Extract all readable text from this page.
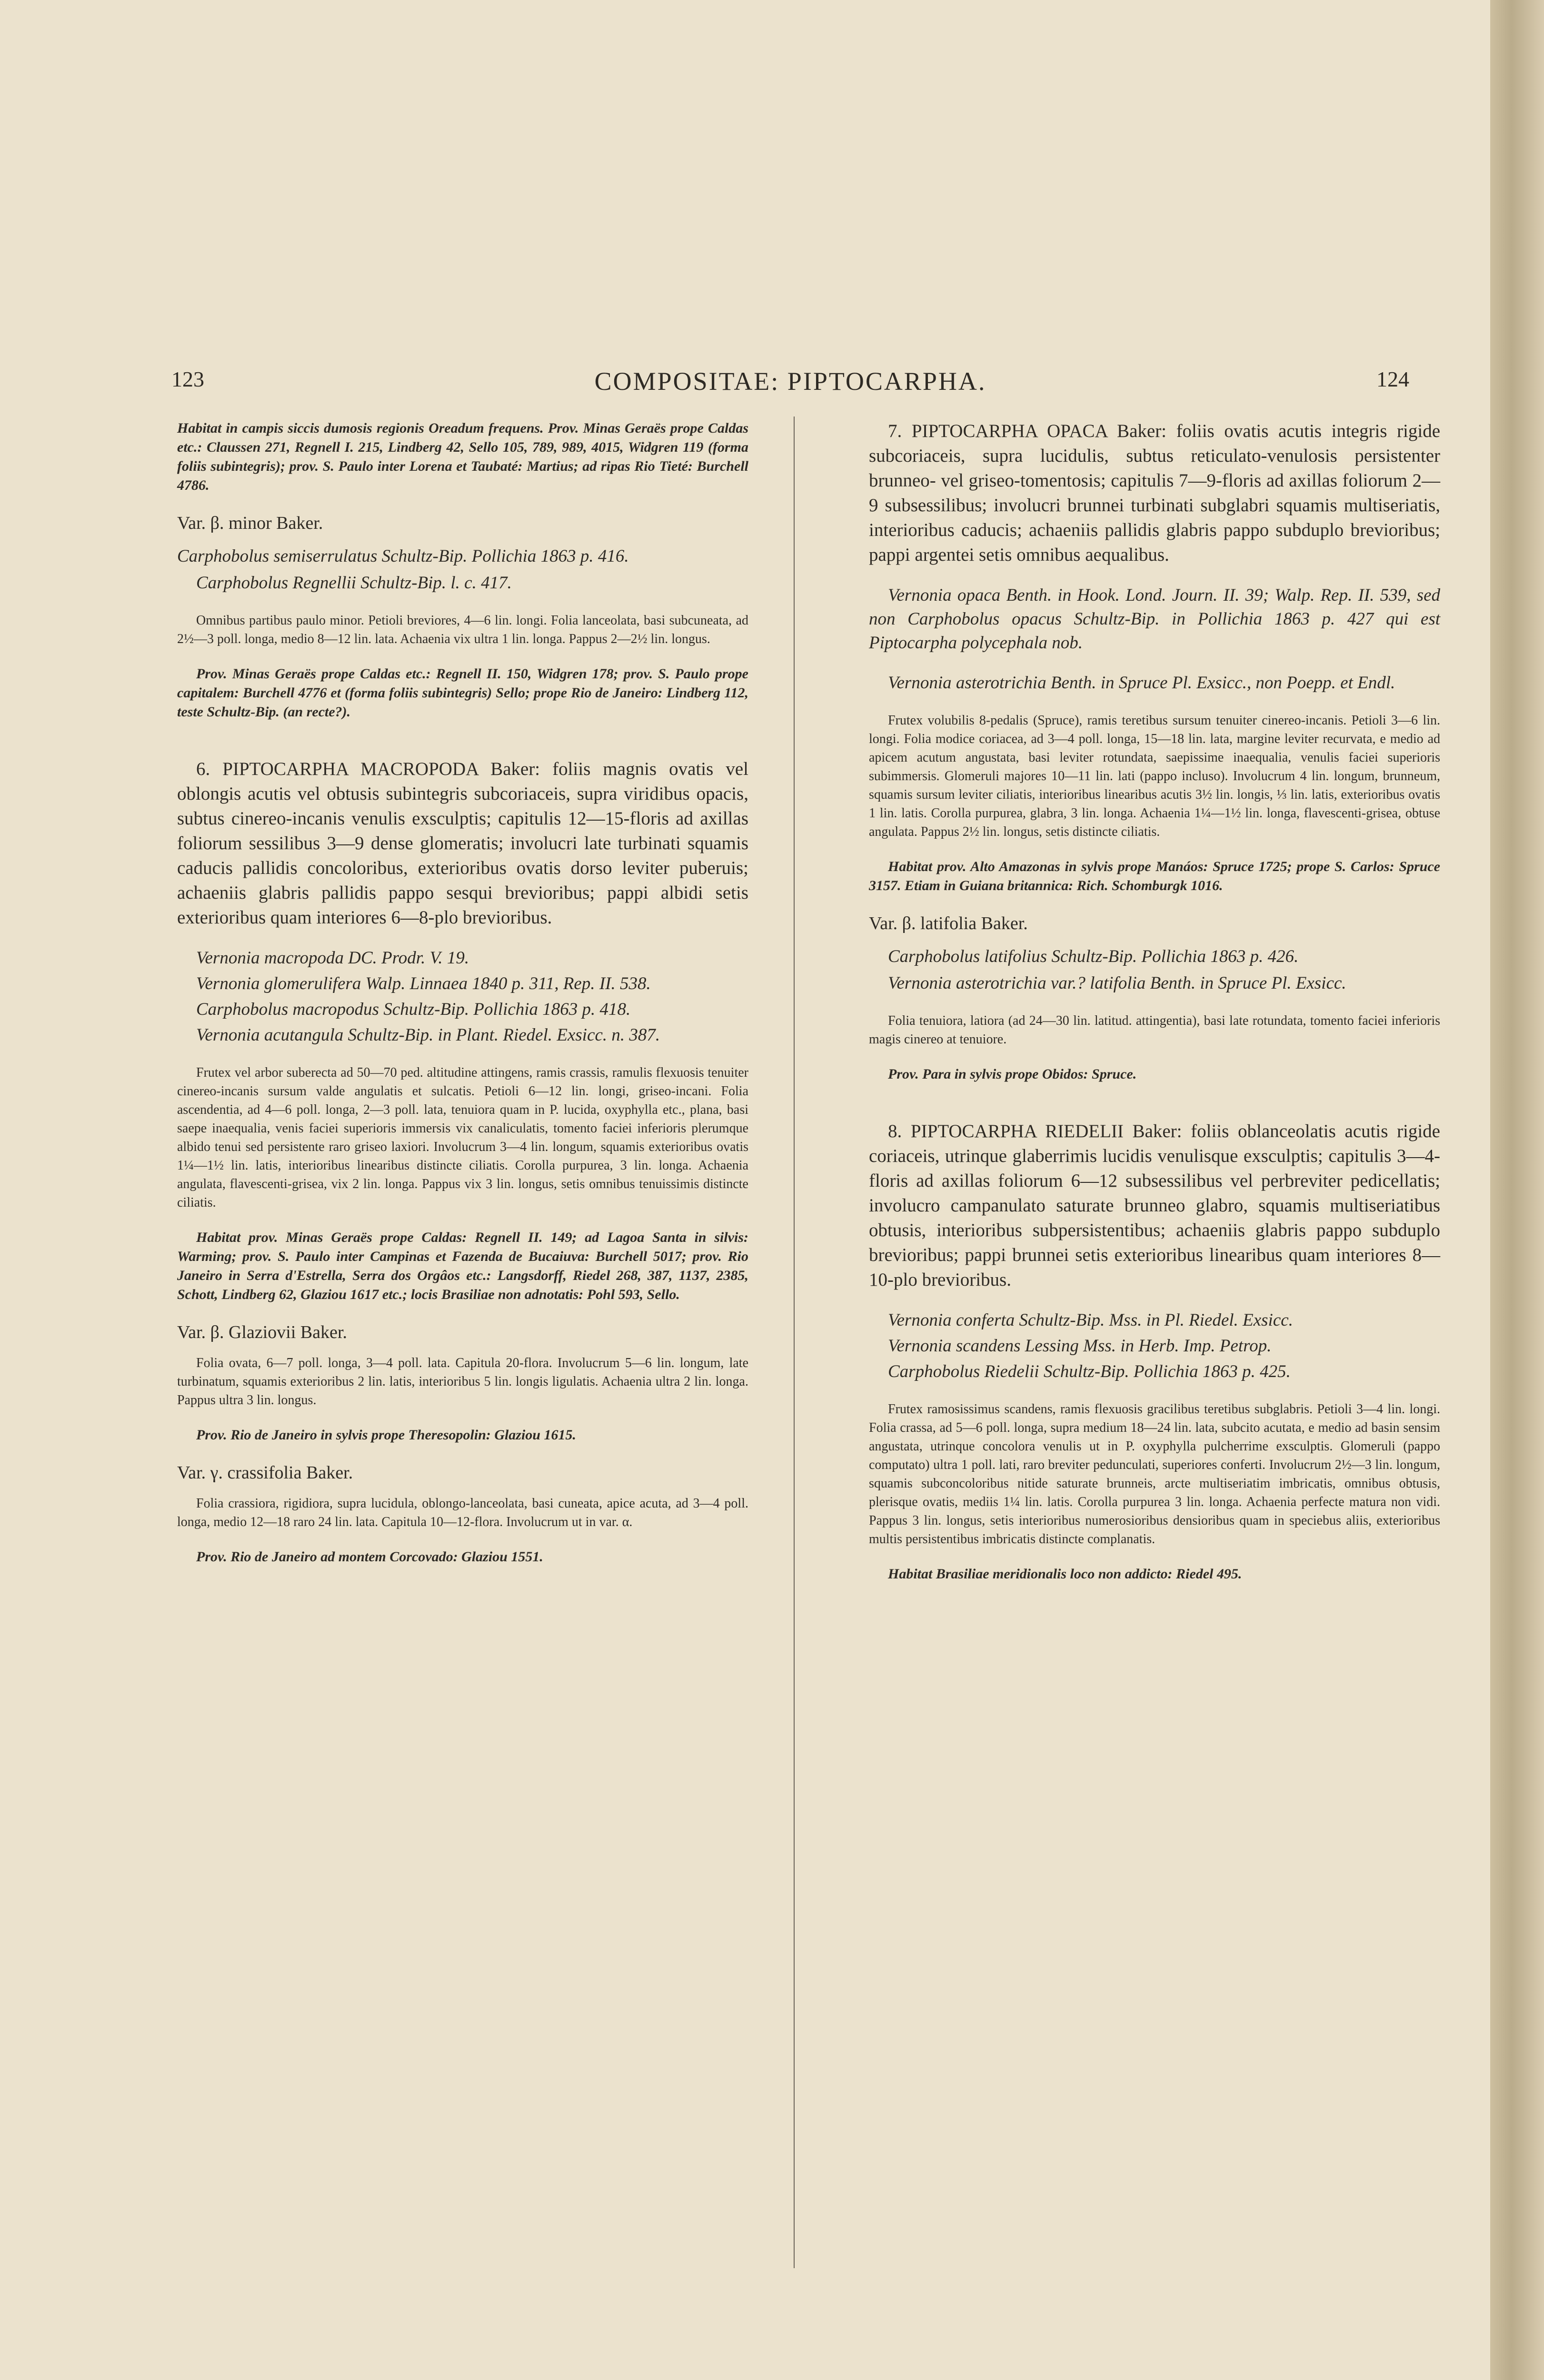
123	COMPOSITAE: PIPTOCARPHA.	124

Habitat in campis siccis dumosis regionis Oreadum frequens. Prov. Minas Geraës prope Caldas etc.: Claussen 271, Regnell I. 215, Lindberg 42, Sello 105, 789, 989, 4015, Widgren 119 (forma foliis subintegris); prov. S. Paulo inter Lorena et Taubaté: Martius; ad ripas Rio Tieté: Burchell 4786.

Var. β. minor Baker.

Carphobolus semiserrulatus Schultz-Bip. Pollichia 1863 p. 416.

Carphobolus Regnellii Schultz-Bip. l. c. 417.

Omnibus partibus paulo minor. Petioli breviores, 4—6 lin. longi. Folia lanceolata, basi subcuneata, ad 2½—3 poll. longa, medio 8—12 lin. lata. Achaenia vix ultra 1 lin. longa. Pappus 2—2½ lin. longus.

Prov. Minas Geraës prope Caldas etc.: Regnell II. 150, Widgren 178; prov. S. Paulo prope capitalem: Burchell 4776 et (forma foliis subintegris) Sello; prope Rio de Janeiro: Lindberg 112, teste Schultz-Bip. (an recte?).

6. PIPTOCARPHA MACROPODA Baker: foliis magnis ovatis vel oblongis acutis vel obtusis subintegris subcoriaceis, supra viridibus opacis, subtus cinereo-incanis venulis exsculptis; capitulis 12—15-floris ad axillas foliorum sessilibus 3—9 dense glomeratis; involucri late turbinati squamis caducis pallidis concoloribus, exterioribus ovatis dorso leviter puberuis; achaeniis glabris pallidis pappo sesqui brevioribus; pappi albidi setis exterioribus quam interiores 6—8-plo brevioribus.

Vernonia macropoda DC. Prodr. V. 19.

Vernonia glomerulifera Walp. Linnaea 1840 p. 311, Rep. II. 538.

Carphobolus macropodus Schultz-Bip. Pollichia 1863 p. 418.

Vernonia acutangula Schultz-Bip. in Plant. Riedel. Exsicc. n. 387.

Frutex vel arbor suberecta ad 50—70 ped. altitudine attingens, ramis crassis, ramulis flexuosis tenuiter cinereo-incanis sursum valde angulatis et sulcatis. Petioli 6—12 lin. longi, griseo-incani. Folia ascendentia, ad 4—6 poll. longa, 2—3 poll. lata, tenuiora quam in P. lucida, oxyphylla etc., plana, basi saepe inaequalia, venis faciei superioris immersis vix canaliculatis, tomento faciei inferioris plerumque albido tenui sed persistente raro griseo laxiori. Involucrum 3—4 lin. longum, squamis exterioribus ovatis 1¼—1½ lin. latis, interioribus linearibus distincte ciliatis. Corolla purpurea, 3 lin. longa. Achaenia angulata, flavescenti-grisea, vix 2 lin. longa. Pappus vix 3 lin. longus, setis omnibus tenuissimis distincte ciliatis.

Habitat prov. Minas Geraës prope Caldas: Regnell II. 149; ad Lagoa Santa in silvis: Warming; prov. S. Paulo inter Campinas et Fazenda de Bucaiuva: Burchell 5017; prov. Rio Janeiro in Serra d'Estrella, Serra dos Orgâos etc.: Langsdorff, Riedel 268, 387, 1137, 2385, Schott, Lindberg 62, Glaziou 1617 etc.; locis Brasiliae non adnotatis: Pohl 593, Sello.

Var. β. Glaziovii Baker.

Folia ovata, 6—7 poll. longa, 3—4 poll. lata. Capitula 20-flora. Involucrum 5—6 lin. longum, late turbinatum, squamis exterioribus 2 lin. latis, interioribus 5 lin. longis ligulatis. Achaenia ultra 2 lin. longa. Pappus ultra 3 lin. longus.

Prov. Rio de Janeiro in sylvis prope Theresopolin: Glaziou 1615.

Var. γ. crassifolia Baker.

Folia crassiora, rigidiora, supra lucidula, oblongo-lanceolata, basi cuneata, apice acuta, ad 3—4 poll. longa, medio 12—18 raro 24 lin. lata. Capitula 10—12-flora. Involucrum ut in var. α.

Prov. Rio de Janeiro ad montem Corcovado: Glaziou 1551.

7. PIPTOCARPHA OPACA Baker: foliis ovatis acutis integris rigide subcoriaceis, supra lucidulis, subtus reticulato-venulosis persistenter brunneo- vel griseo-tomentosis; capitulis 7—9-floris ad axillas foliorum 2—9 subsessilibus; involucri brunnei turbinati subglabri squamis multiseriatis, interioribus caducis; achaeniis pallidis glabris pappo subduplo brevioribus; pappi argentei setis omnibus aequalibus.

Vernonia opaca Benth. in Hook. Lond. Journ. II. 39; Walp. Rep. II. 539, sed non Carphobolus opacus Schultz-Bip. in Pollichia 1863 p. 427 qui est Piptocarpha polycephala nob.

Vernonia asterotrichia Benth. in Spruce Pl. Exsicc., non Poepp. et Endl.

Frutex volubilis 8-pedalis (Spruce), ramis teretibus sursum tenuiter cinereo-incanis. Petioli 3—6 lin. longi. Folia modice coriacea, ad 3—4 poll. longa, 15—18 lin. lata, margine leviter recurvata, e medio ad apicem acutum angustata, basi leviter rotundata, saepissime inaequalia, venulis faciei superioris subimmersis. Glomeruli majores 10—11 lin. lati (pappo incluso). Involucrum 4 lin. longum, brunneum, squamis sursum leviter ciliatis, interioribus linearibus acutis 3½ lin. longis, ⅓ lin. latis, exterioribus ovatis 1 lin. latis. Corolla purpurea, glabra, 3 lin. longa. Achaenia 1¼—1½ lin. longa, flavescenti-grisea, obtuse angulata. Pappus 2½ lin. longus, setis distincte ciliatis.

Habitat prov. Alto Amazonas in sylvis prope Manáos: Spruce 1725; prope S. Carlos: Spruce 3157. Etiam in Guiana britannica: Rich. Schomburgk 1016.

Var. β. latifolia Baker.

Carphobolus latifolius Schultz-Bip. Pollichia 1863 p. 426.

Vernonia asterotrichia var.? latifolia Benth. in Spruce Pl. Exsicc.

Folia tenuiora, latiora (ad 24—30 lin. latitud. attingentia), basi late rotundata, tomento faciei inferioris magis cinereo at tenuiore.

Prov. Para in sylvis prope Obidos: Spruce.

8. PIPTOCARPHA RIEDELII Baker: foliis oblanceolatis acutis rigide coriaceis, utrinque glaberrimis lucidis venulisque exsculptis; capitulis 3—4-floris ad axillas foliorum 6—12 subsessilibus vel perbreviter pedicellatis; involucro campanulato saturate brunneo glabro, squamis multiseriatibus obtusis, interioribus subpersistentibus; achaeniis glabris pappo subduplo brevioribus; pappi brunnei setis exterioribus linearibus quam interiores 8—10-plo brevioribus.

Vernonia conferta Schultz-Bip. Mss. in Pl. Riedel. Exsicc.

Vernonia scandens Lessing Mss. in Herb. Imp. Petrop.

Carphobolus Riedelii Schultz-Bip. Pollichia 1863 p. 425.

Frutex ramosissimus scandens, ramis flexuosis gracilibus teretibus subglabris. Petioli 3—4 lin. longi. Folia crassa, ad 5—6 poll. longa, supra medium 18—24 lin. lata, subcito acutata, e medio ad basin sensim angustata, utrinque concolora venulis ut in P. oxyphylla pulcherrime exsculptis. Glomeruli (pappo computato) ultra 1 poll. lati, raro breviter pedunculati, superiores conferti. Involucrum 2½—3 lin. longum, squamis subconcoloribus nitide saturate brunneis, arcte multiseriatim imbricatis, omnibus obtusis, plerisque ovatis, mediis 1¼ lin. latis. Corolla purpurea 3 lin. longa. Achaenia perfecte matura non vidi. Pappus 3 lin. longus, setis interioribus numerosioribus densioribus quam in speciebus aliis, exterioribus multis persistentibus imbricatis distincte complanatis.

Habitat Brasiliae meridionalis loco non addicto: Riedel 495.
